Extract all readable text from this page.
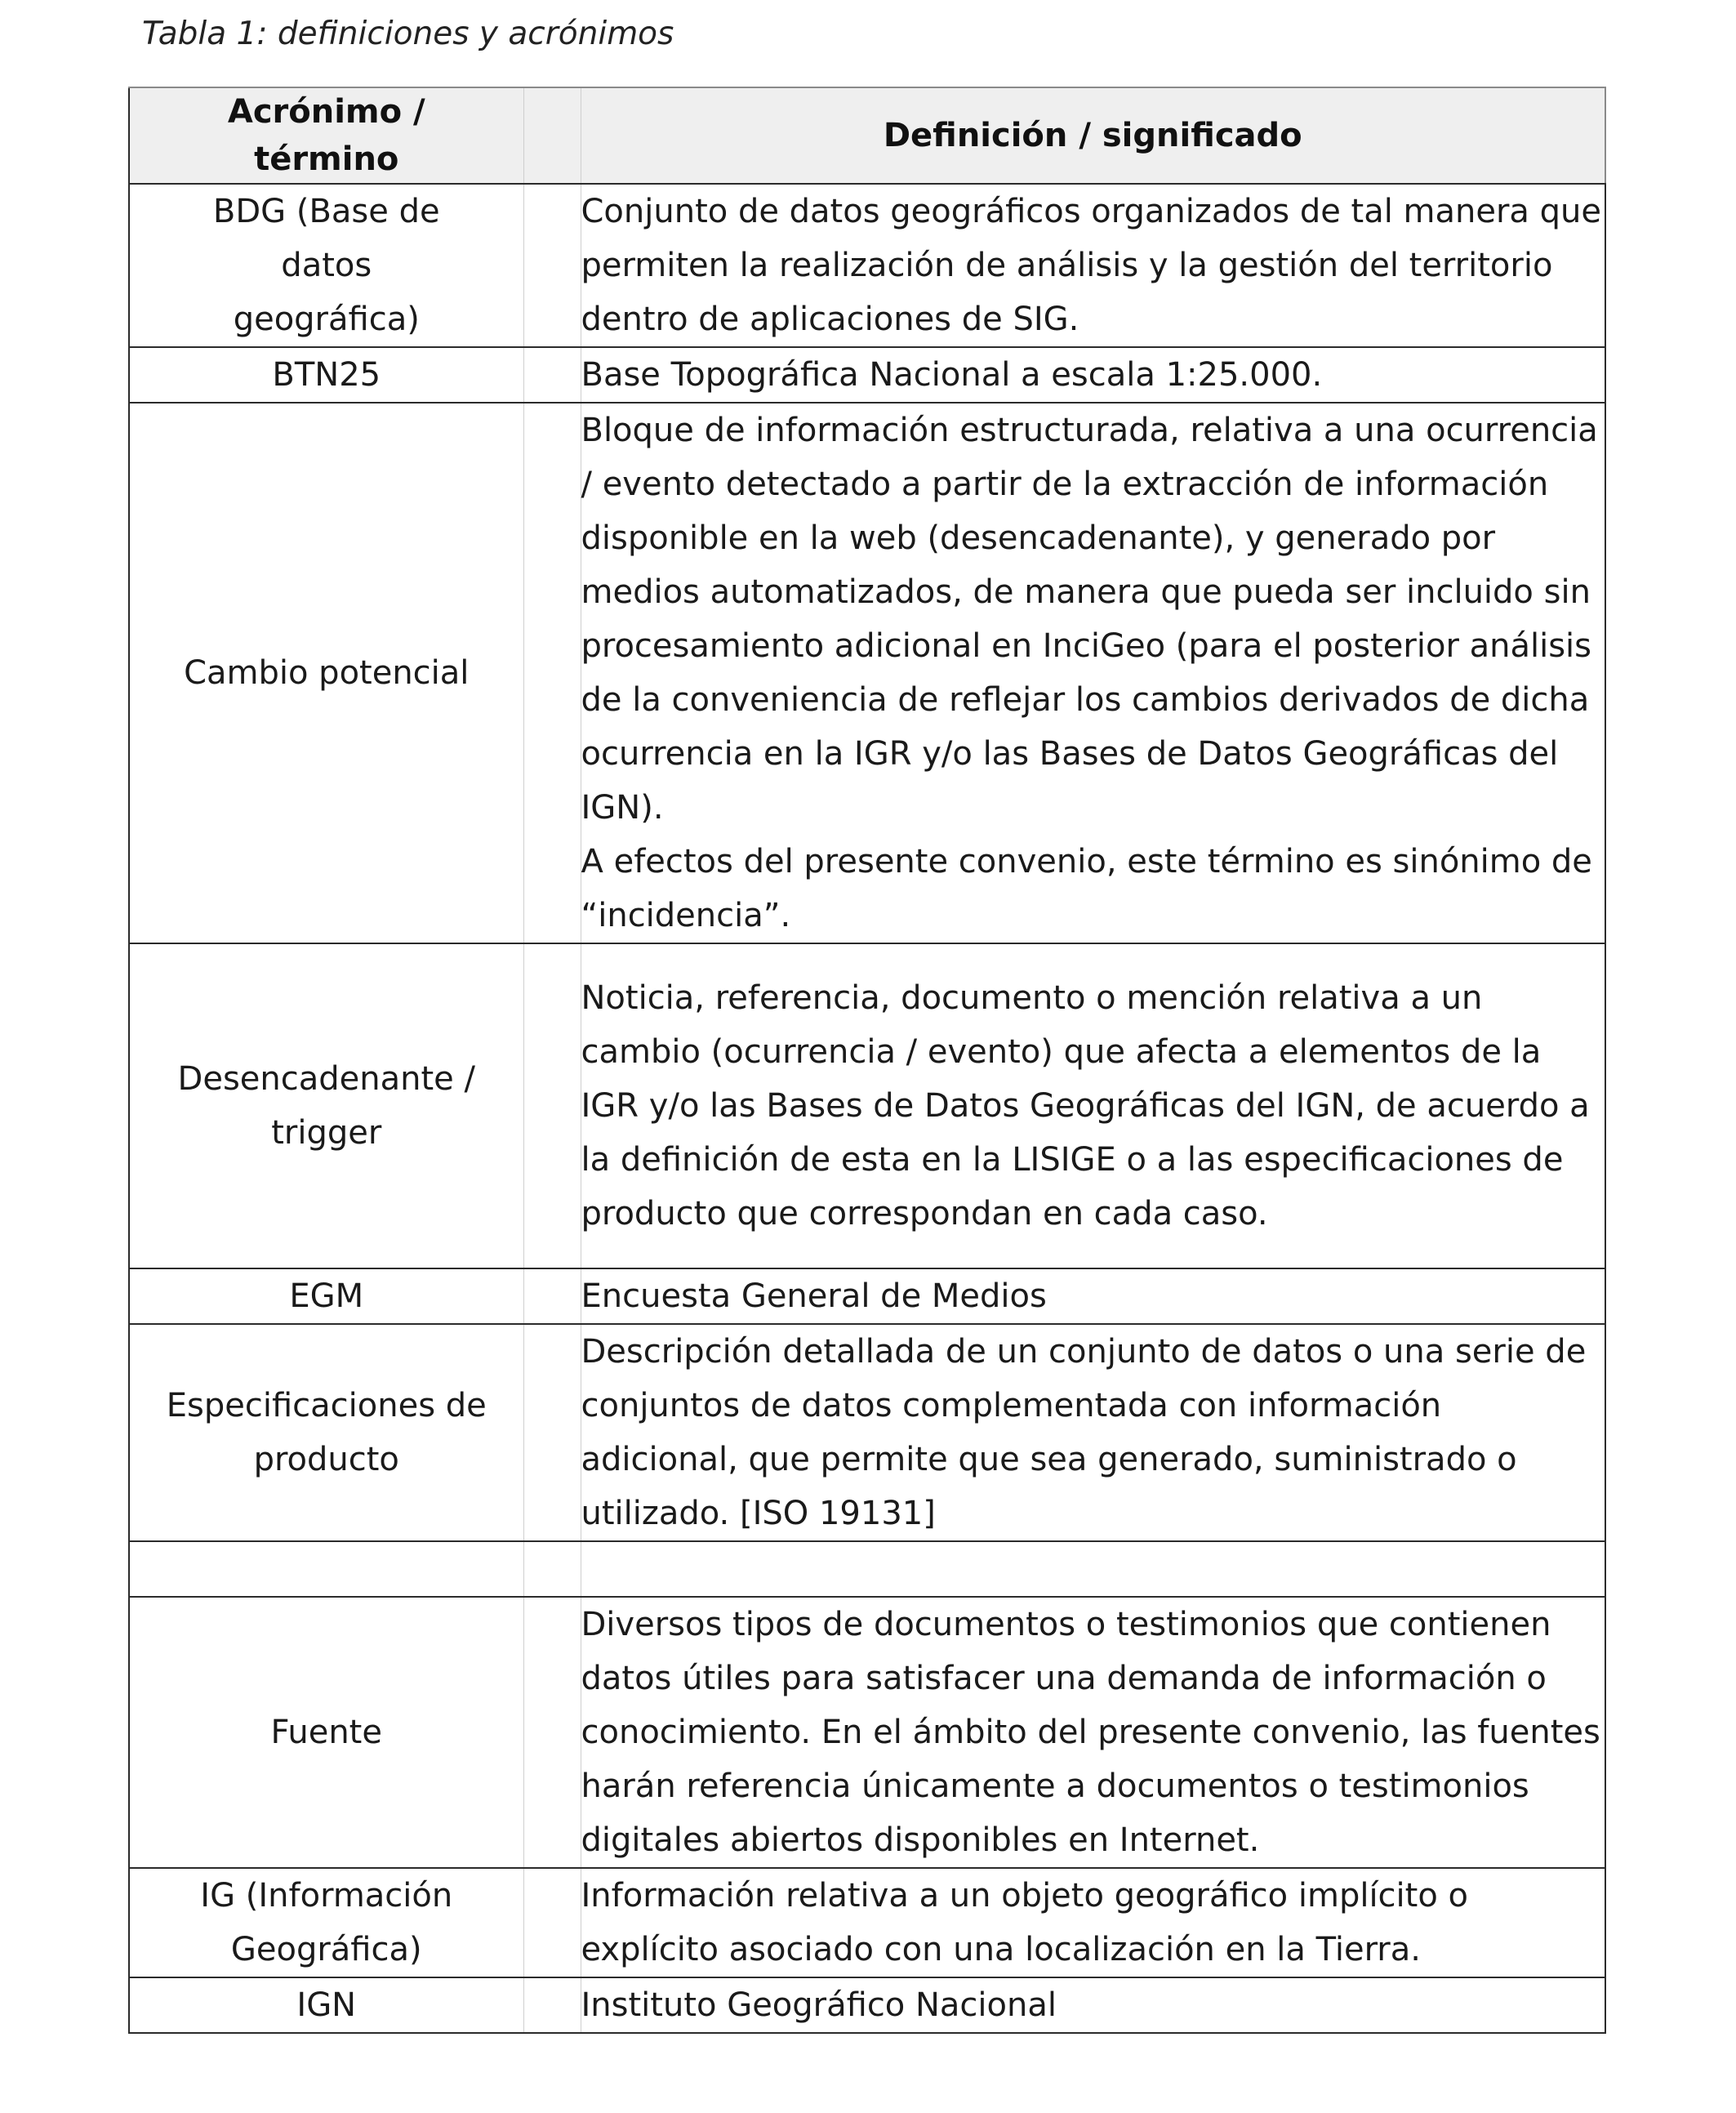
Tabla 1: definiciones y acrónimos
Acrónimo / término		Definición / significado
BDG (Base de datos geográfica)		Conjunto de datos geográficos organizados de tal manera que permiten la realización de análisis y la gestión del territorio dentro de aplicaciones de SIG.

BTN25		Base Topográfica Nacional a escala 1:25.000.

Cambio potencial		Bloque de información estructurada, relativa a una ocurrencia / evento detectado a partir de la extracción de información disponible en la web (desencadenante), y generado por medios automatizados, de manera que pueda ser incluido sin procesamiento adicional en InciGeo (para el posterior análisis de la conveniencia de reflejar los cambios derivados de dicha ocurrencia en la IGR y/o las Bases de Datos Geográficas del IGN).
A efectos del presente convenio, este término es sinónimo de “incidencia”.

Desencadenante / trigger		Noticia, referencia, documento o mención relativa a un cambio (ocurrencia / evento) que afecta a elementos de la IGR y/o las Bases de Datos Geográficas del IGN, de acuerdo a la definición de esta en la LISIGE o a las especificaciones de producto que correspondan en cada caso.

EGM		Encuesta General de Medios

Especificaciones de producto		Descripción detallada de un conjunto de datos o una serie de conjuntos de datos complementada con información adicional, que permite que sea generado, suministrado o utilizado. [ISO 19131]

Fuente		Diversos tipos de documentos o testimonios que contienen datos útiles para satisfacer una demanda de información o conocimiento. En el ámbito del presente convenio, las fuentes harán referencia únicamente a documentos o testimonios digitales abiertos disponibles en Internet.

IG (Información Geográfica)		Información relativa a un objeto geográfico implícito o explícito asociado con una localización en la Tierra.

IGN		Instituto Geográfico Nacional
